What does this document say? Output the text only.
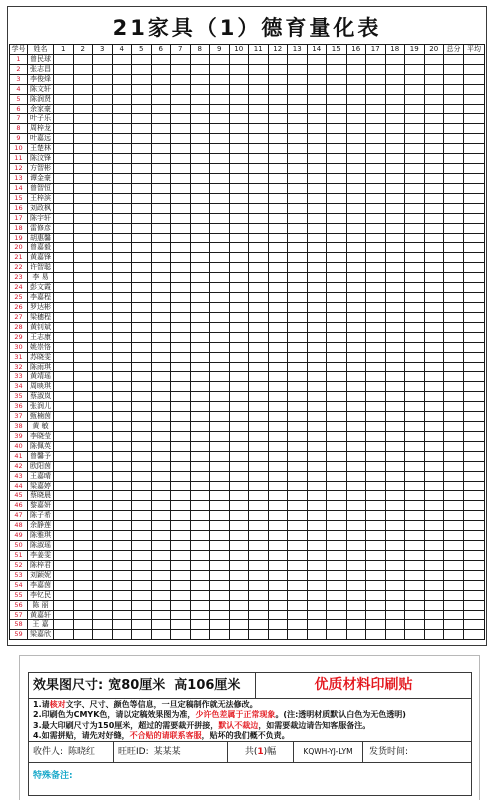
21家具（1）德育量化表
学号	姓名	1	2	3	4	5	6	7	8	9	10	11	12	13	14	15	16	17	18	19	20	总分 平均
1	曾民球
2	张志昌
3	李俊烽
4	陈文轩
5	陈润贤
6	余家豪
7	叶子乐
8	周梓龙
9	叶嘉远
10	王楚林
11	陈汶锋
12	方智彬
13	谭金豪
14	曾智恒
15	王梓滨
16	刘政枫
17	陈宇轩
18	雷修彦
19	胡惠馨
20	曾嘉毅
21	黄嘉锋
22	许智聪
23	李 易
24	彭文霞
25	李嘉程
26	罗达彬
27	梁穗程
28	黄钊斌
29	王志康
30	姚崇恪
31	苏晓雯
32	陈雨琪
33	黄靖瑶
34	周映琪
35	蔡淑岚
36	张润儿
37	甄楠茵
38	黄 敏
39	李晓莹
40	陈佩英
41	曾馨予
42	欧阳茵
43	王嘉晴
44	梁嘉婷
45	蔡晓晨
46	黎嘉妍
47	陈子希
48	余静莲
49	陈雅琪
50	陈淑瑶
51	李姜雯
52	陈梓君
53	刘颖妮
54	李嘉茵
55	李钇民
56	陈 丽
57	黄嘉轩
58	王 嘉
59	梁嘉欣
效果图尺寸: 宽80厘米 高106厘米	优质材料印刷贴
1.请核对文字、尺寸、颜色等信息，一旦定稿制作就无法修改。
2.印刷色为CMYK色，请以定稿效果图为准，少许色差属于正常现象。(注:透明材质默认白色为无色透明)
3.最大印刷尺寸为150厘米，超过的需要裁开拼接，默认不裁边，如需要裁边请告知客服备注。
4.如需拼贴，请先对好缝，不合贴的请联系客服，贴坏的我们概不负责。
收件人: 陈晓红	旺旺ID: 某某某	共(1)幅	KQWH-YJ-LYM	发货时间:
特殊备注:
